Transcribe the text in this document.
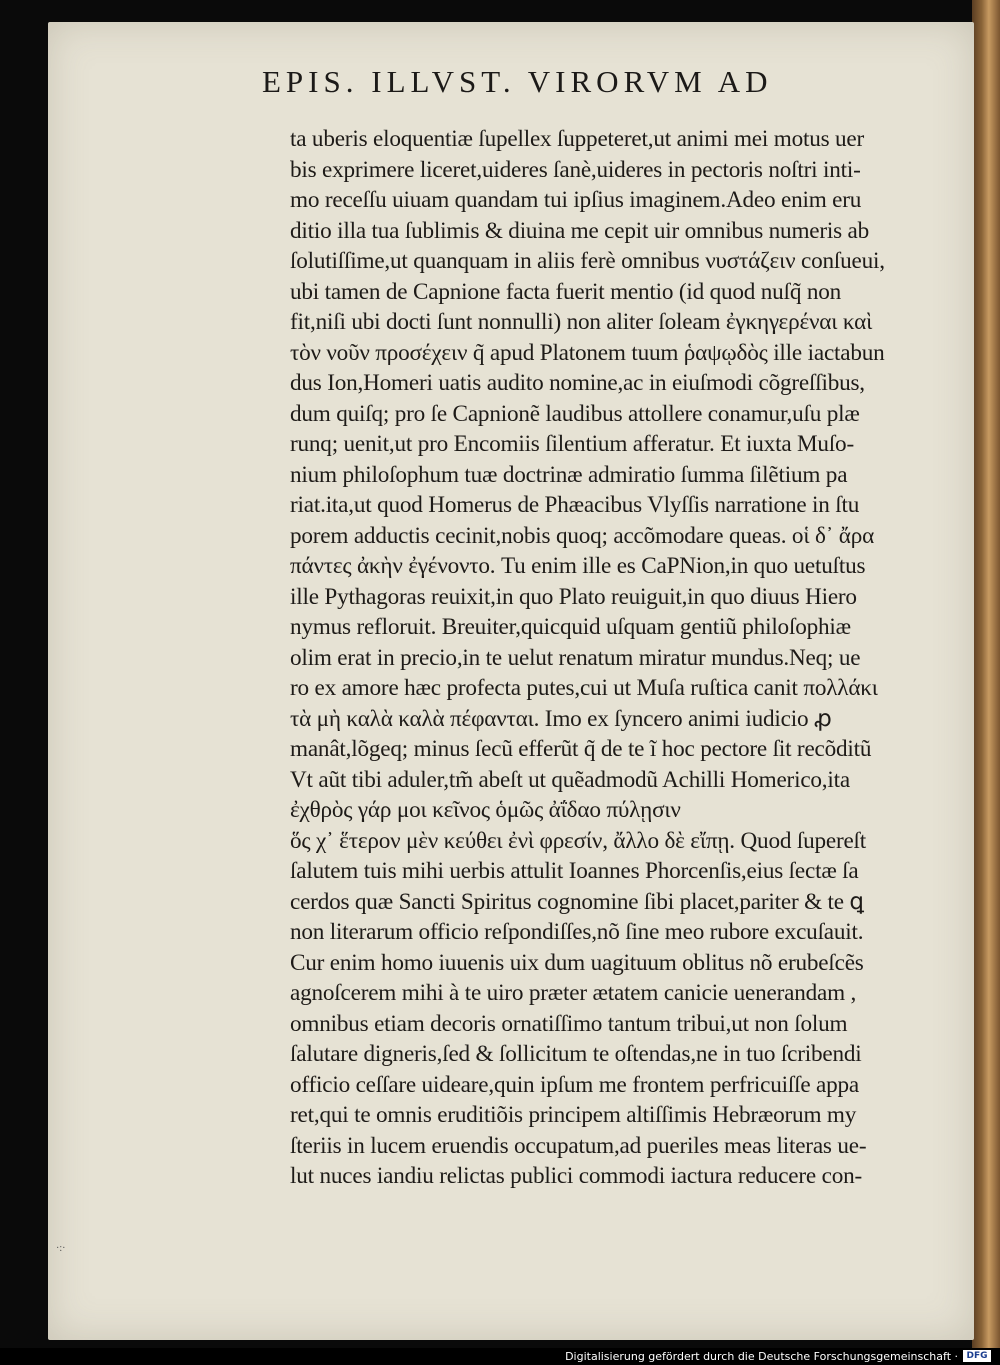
EPIS. ILLVST. VIRORVM AD
ta uberis eloquentiæ ſupellex ſuppeteret,ut animi mei motus uer
bis exprimere liceret,uideres ſanè,uideres in pectoris noſtri inti-
mo receſſu uiuam quandam tui ipſius imaginem.Adeo enim eru
ditio illa tua ſublimis & diuina me cepit uir omnibus numeris ab
ſolutiſſime,ut quanquam in aliis ferè omnibus νυστάζειν conſueui,
ubi tamen de Capnione facta fuerit mentio (id quod nuſq̃ non
fit,niſi ubi docti ſunt nonnulli) non aliter ſoleam ἐγκηγερέναι καὶ
τὸν νοῦν προσέχειν q̃ apud Platonem tuum ῥαψῳδὸς ille iactabun
dus Ion,Homeri uatis audito nomine,ac in eiuſmodi cõgreſſibus,
dum quiſq; pro ſe Capnionẽ laudibus attollere conamur,uſu plæ
runq; uenit,ut pro Encomiis ſilentium afferatur. Et iuxta Muſo-
nium philoſophum tuæ doctrinæ admiratio ſumma ſilẽtium pa
riat.ita,ut quod Homerus de Phæacibus Vlyſſis narratione in ſtu
porem adductis cecinit,nobis quoq; accõmodare queas. οἱ δ᾽ ἄρα
πάντες ἀκὴν ἐγένοντο. Tu enim ille es CaPNion,in quo uetuſtus
ille Pythagoras reuixit,in quo Plato reuiguit,in quo diuus Hiero
nymus refloruit. Breuiter,quicquid uſquam gentiũ philoſophiæ
olim erat in precio,in te uelut renatum miratur mundus.Neq; ue
ro ex amore hæc profecta putes,cui ut Muſa ruſtica canit πολλάκι
τὰ μὴ καλὰ καλὰ πέφανται. Imo ex ſyncero animi iudicio ꝓ
manât,lõgeq; minus ſecũ efferũt q̃ de te ĩ hoc pectore ſit recõditũ
Vt aũt tibi aduler,tm̃ abeſt ut quẽadmodũ Achilli Homerico,ita
ἐχθρὸς γάρ μοι κεῖνος ὁμῶς ἀΐδαο πύλῃσιν
ὅς χ᾽ ἕτερον μὲν κεύθει ἐνὶ φρεσίν, ἄλλο δὲ εἴπῃ. Quod ſupereſt
ſalutem tuis mihi uerbis attulit Ioannes Phorcenſis,eius ſectæ ſa
cerdos quæ Sancti Spiritus cognomine ſibi placet,pariter & te ꝗ
non literarum officio reſpondiſſes,nõ ſine meo rubore excuſauit.
Cur enim homo iuuenis uix dum uagituum oblitus nõ erubeſcẽs
agnoſcerem mihi à te uiro præter ætatem canicie uenerandam ,
omnibus etiam decoris ornatiſſimo tantum tribui,ut non ſolum
ſalutare digneris,ſed & ſollicitum te oſtendas,ne in tuo ſcribendi
officio ceſſare uideare,quin ipſum me frontem perfricuiſſe appa
ret,qui te omnis eruditiõis principem altiſſimis Hebræorum my
ſteriis in lucem eruendis occupatum,ad pueriles meas literas ue-
lut nuces iandiu relictas publici commodi iactura reducere con-
·:·
Digitalisierung gefördert durch die Deutsche Forschungsgemeinschaft · DFG
